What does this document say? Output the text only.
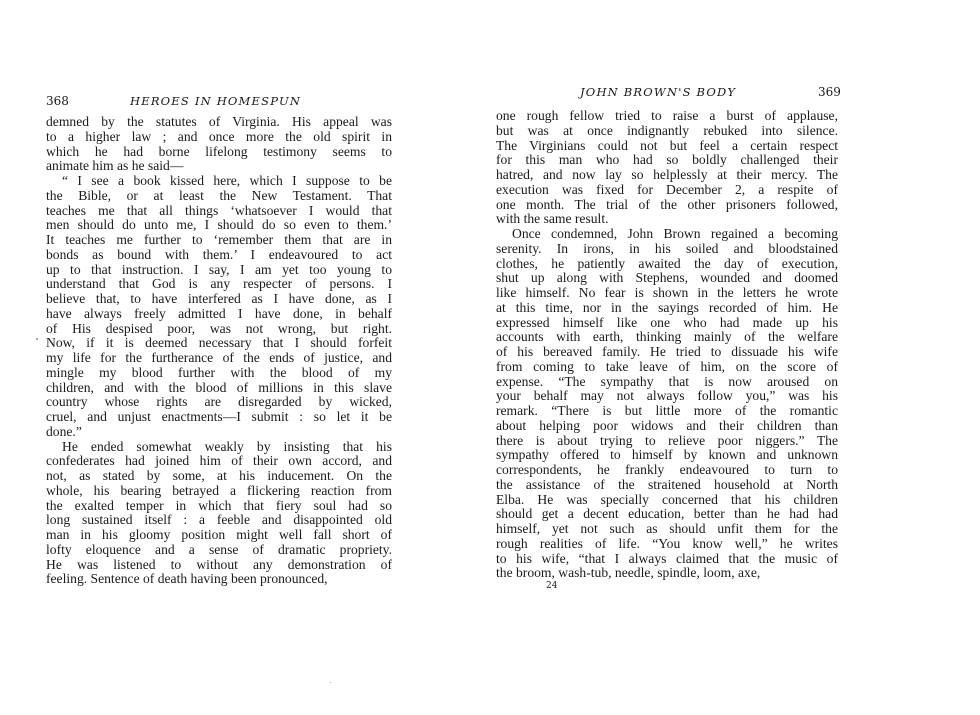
368	HEROES IN HOMESPUN
demned by the statutes of Virginia. His appeal was
to a higher law ; and once more the old spirit in
which he had borne lifelong testimony seems to
animate him as he said—
“ I see a book kissed here, which I suppose to be
the Bible, or at least the New Testament. That
teaches me that all things ‘whatsoever I would that
men should do unto me, I should do so even to them.’
It teaches me further to ‘remember them that are in
bonds as bound with them.’ I endeavoured to act
up to that instruction. I say, I am yet too young to
understand that God is any respecter of persons. I
believe that, to have interfered as I have done, as I
have always freely admitted I have done, in behalf
of His despised poor, was not wrong, but right.
Now, if it is deemed necessary that I should forfeit
my life for the furtherance of the ends of justice, and
mingle my blood further with the blood of my
children, and with the blood of millions in this slave
country whose rights are disregarded by wicked,
cruel, and unjust enactments—I submit : so let it be
done.”
He ended somewhat weakly by insisting that his
confederates had joined him of their own accord, and
not, as stated by some, at his inducement. On the
whole, his bearing betrayed a flickering reaction from
the exalted temper in which that fiery soul had so
long sustained itself : a feeble and disappointed old
man in his gloomy position might well fall short of
lofty eloquence and a sense of dramatic propriety.
He was listened to without any demonstration of
feeling. Sentence of death having been pronounced,
JOHN BROWN'S BODY	369
one rough fellow tried to raise a burst of applause,
but was at once indignantly rebuked into silence.
The Virginians could not but feel a certain respect
for this man who had so boldly challenged their
hatred, and now lay so helplessly at their mercy. The
execution was fixed for December 2, a respite of
one month. The trial of the other prisoners followed,
with the same result.
Once condemned, John Brown regained a becoming
serenity. In irons, in his soiled and bloodstained
clothes, he patiently awaited the day of execution,
shut up along with Stephens, wounded and doomed
like himself. No fear is shown in the letters he wrote
at this time, nor in the sayings recorded of him. He
expressed himself like one who had made up his
accounts with earth, thinking mainly of the welfare
of his bereaved family. He tried to dissuade his wife
from coming to take leave of him, on the score of
expense. “The sympathy that is now aroused on
your behalf may not always follow you,” was his
remark. “There is but little more of the romantic
about helping poor widows and their children than
there is about trying to relieve poor niggers.” The
sympathy offered to himself by known and unknown
correspondents, he frankly endeavoured to turn to
the assistance of the straitened household at North
Elba. He was specially concerned that his children
should get a decent education, better than he had had
himself, yet not such as should unfit them for the
rough realities of life. “You know well,” he writes
to his wife, “that I always claimed that the music of
the broom, wash-tub, needle, spindle, loom, axe,
24
